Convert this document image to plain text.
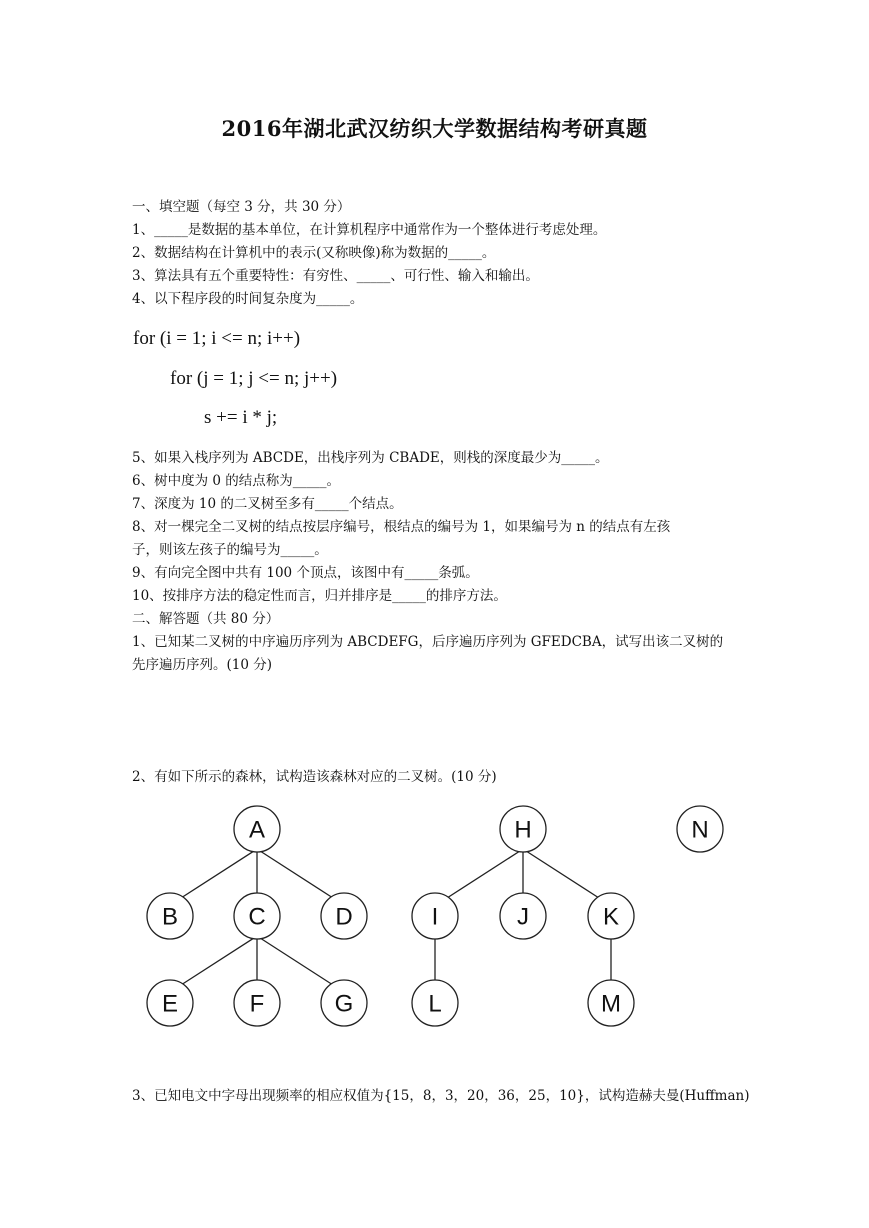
2016年湖北武汉纺织大学数据结构考研真题
一、填空题（每空 3 分，共 30 分）
1、_____是数据的基本单位，在计算机程序中通常作为一个整体进行考虑处理。
2、数据结构在计算机中的表示(又称映像)称为数据的_____。
3、算法具有五个重要特性：有穷性、_____、可行性、输入和输出。
4、以下程序段的时间复杂度为_____。
for (i = 1; i <= n; i++)
for (j = 1; j <= n; j++)
s += i * j;
5、如果入栈序列为 ABCDE，出栈序列为 CBADE，则栈的深度最少为_____。
6、树中度为 0 的结点称为_____。
7、深度为 10 的二叉树至多有_____个结点。
8、对一棵完全二叉树的结点按层序编号，根结点的编号为 1，如果编号为 n 的结点有左孩
子，则该左孩子的编号为_____。
9、有向完全图中共有 100 个顶点，该图中有_____条弧。
10、按排序方法的稳定性而言，归并排序是_____的排序方法。
二、解答题（共 80 分）
1、已知某二叉树的中序遍历序列为 ABCDEFG，后序遍历序列为 GFEDCBA，试写出该二叉树的
先序遍历序列。(10 分)
2、有如下所示的森林，试构造该森林对应的二叉树。(10 分)
A
B	C	D
E	F	G
H
I	J	K
L	M
N
3、已知电文中字母出现频率的相应权值为{15，8，3，20，36，25，10}，试构造赫夫曼(Huffman)
